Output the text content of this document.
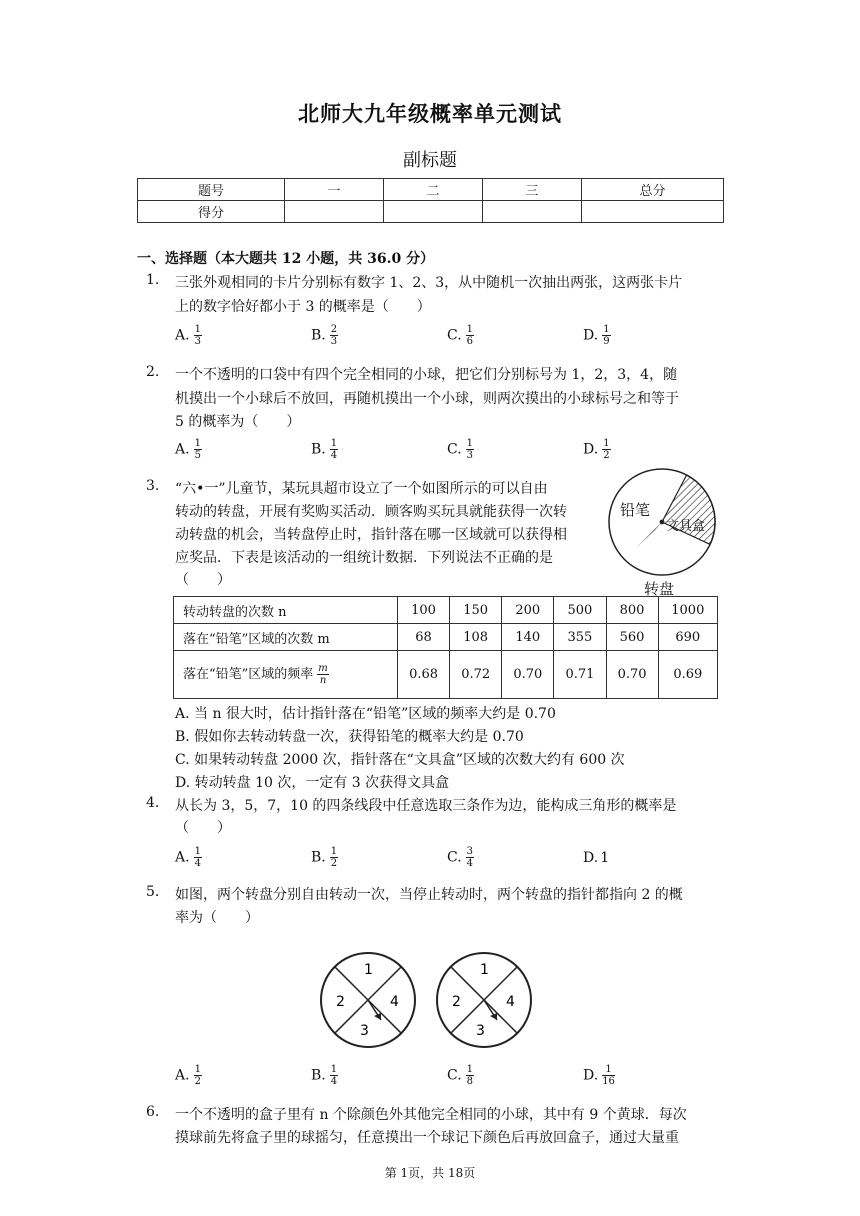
北师大九年级概率单元测试
副标题
题号	一	二	三	总分
得分				
一、选择题（本大题共 12 小题，共 36.0 分）
1. 三张外观相同的卡片分别标有数字 1、2、3，从中随机一次抽出两张，这两张卡片
上的数字恰好都小于 3 的概率是（　　）
A. $\frac{1}{3}$	B. $\frac{2}{3}$	C. $\frac{1}{6}$	D. $\frac{1}{9}$
2. 一个不透明的口袋中有四个完全相同的小球，把它们分别标号为 1，2，3，4，随
机摸出一个小球后不放回，再随机摸出一个小球，则两次摸出的小球标号之和等于
5 的概率为（　　）
A. $\frac{1}{5}$	B. $\frac{1}{4}$	C. $\frac{1}{3}$	D. $\frac{1}{2}$
3. “六•一”儿童节，某玩具超市设立了一个如图所示的可以自由
转动的转盘，开展有奖购买活动．顾客购买玩具就能获得一次转
动转盘的机会，当转盘停止时，指针落在哪一区域就可以获得相
应奖品．下表是该活动的一组统计数据．下列说法不正确的是
（　　）
铅笔
文具盒
转盘
转动转盘的次数 n	100	150	200	500	800	1000
落在“铅笔”区域的次数 m	68	108	140	355	560	690
落在“铅笔”区域的频率 $\frac{m}{n}$	0.68	0.72	0.70	0.71	0.70	0.69
A. 当 n 很大时，估计指针落在“铅笔”区域的频率大约是 0.70
B. 假如你去转动转盘一次，获得铅笔的概率大约是 0.70
C. 如果转动转盘 2000 次，指针落在“文具盒”区域的次数大约有 600 次
D. 转动转盘 10 次，一定有 3 次获得文具盒
4. 从长为 3，5，7，10 的四条线段中任意选取三条作为边，能构成三角形的概率是
（　　）
A. $\frac{1}{4}$	B. $\frac{1}{2}$	C. $\frac{3}{4}$	D. 1
5. 如图，两个转盘分别自由转动一次，当停止转动时，两个转盘的指针都指向 2 的概
率为（　　）
1
2
3
4
1
2
3
4
A. $\frac{1}{2}$	B. $\frac{1}{4}$	C. $\frac{1}{8}$	D. $\frac{1}{16}$
6. 一个不透明的盒子里有 n 个除颜色外其他完全相同的小球，其中有 9 个黄球．每次
摸球前先将盒子里的球摇匀，任意摸出一个球记下颜色后再放回盒子，通过大量重
第 1页，共 18页
